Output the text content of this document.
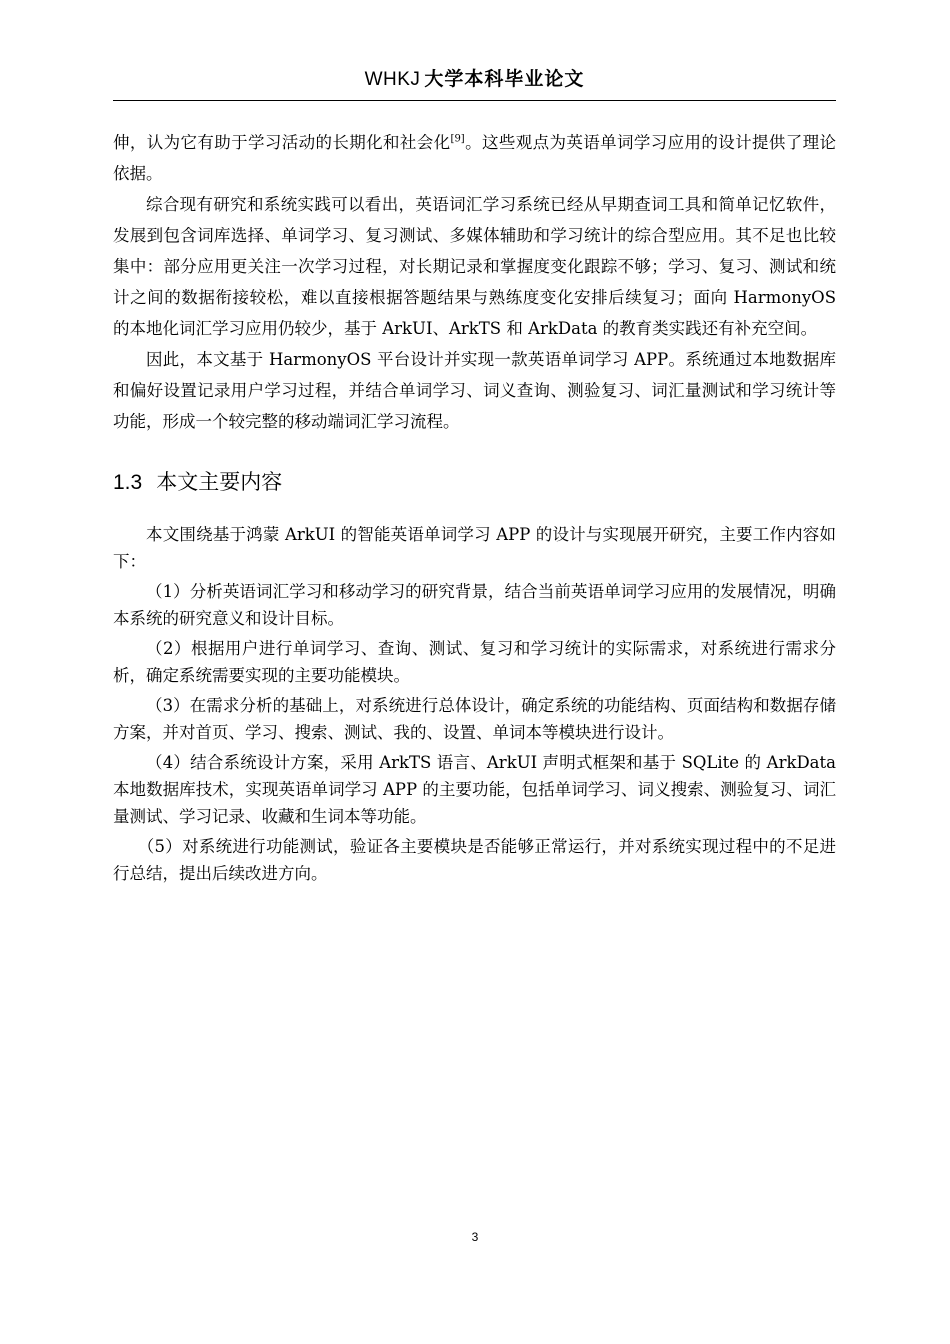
WHKJ 大学本科毕业论文

伸，认为它有助于学习活动的长期化和社会化[9]。这些观点为英语单词学习应用的设计提供了理论依据。

综合现有研究和系统实践可以看出，英语词汇学习系统已经从早期查词工具和简单记忆软件，发展到包含词库选择、单词学习、复习测试、多媒体辅助和学习统计的综合型应用。其不足也比较集中：部分应用更关注一次学习过程，对长期记录和掌握度变化跟踪不够；学习、复习、测试和统计之间的数据衔接较松，难以直接根据答题结果与熟练度变化安排后续复习；面向 HarmonyOS 的本地化词汇学习应用仍较少，基于 ArkUI、ArkTS 和 ArkData 的教育类实践还有补充空间。

因此，本文基于 HarmonyOS 平台设计并实现一款英语单词学习 APP。系统通过本地数据库和偏好设置记录用户学习过程，并结合单词学习、词义查询、测验复习、词汇量测试和学习统计等功能，形成一个较完整的移动端词汇学习流程。

1.3 本文主要内容

本文围绕基于鸿蒙 ArkUI 的智能英语单词学习 APP 的设计与实现展开研究，主要工作内容如下：

（1）分析英语词汇学习和移动学习的研究背景，结合当前英语单词学习应用的发展情况，明确本系统的研究意义和设计目标。

（2）根据用户进行单词学习、查询、测试、复习和学习统计的实际需求，对系统进行需求分析，确定系统需要实现的主要功能模块。

（3）在需求分析的基础上，对系统进行总体设计，确定系统的功能结构、页面结构和数据存储方案，并对首页、学习、搜索、测试、我的、设置、单词本等模块进行设计。

（4）结合系统设计方案，采用 ArkTS 语言、ArkUI 声明式框架和基于 SQLite 的 ArkData 本地数据库技术，实现英语单词学习 APP 的主要功能，包括单词学习、词义搜索、测验复习、词汇量测试、学习记录、收藏和生词本等功能。

（5）对系统进行功能测试，验证各主要模块是否能够正常运行，并对系统实现过程中的不足进行总结，提出后续改进方向。

3
